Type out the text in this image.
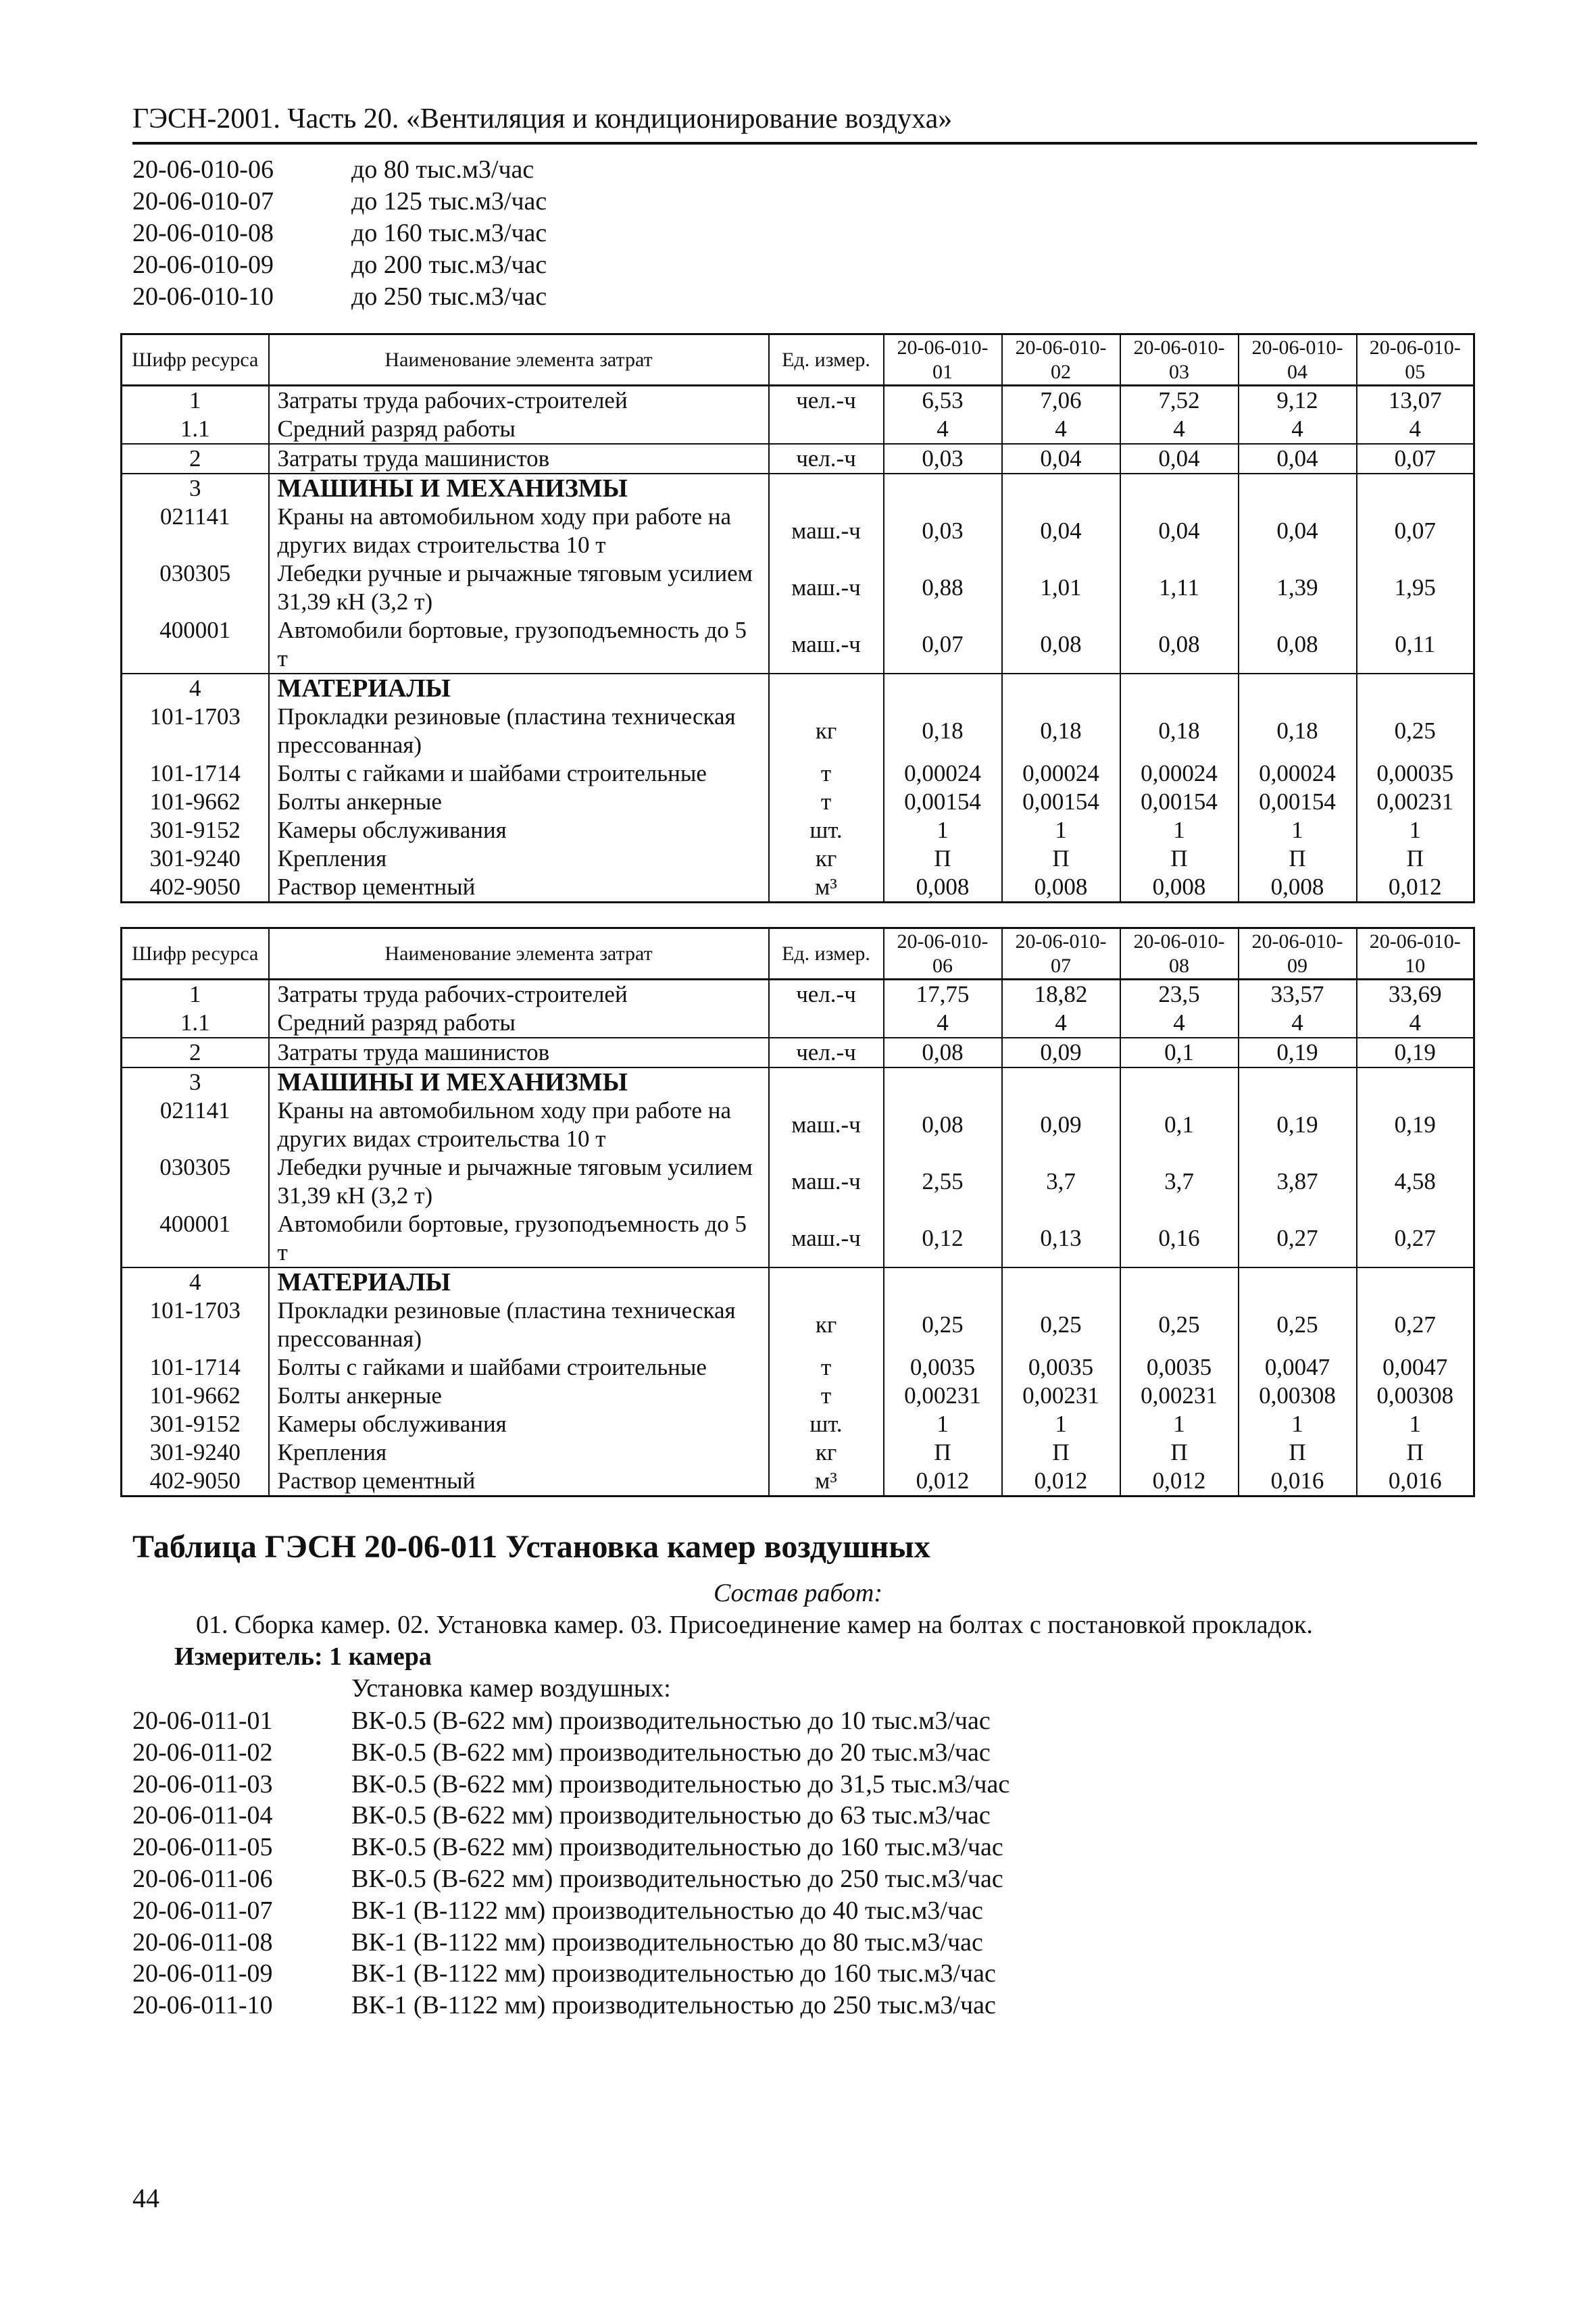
ГЭСН-2001. Часть 20. «Вентиляция и кондиционирование воздуха»
20-06-010-06	до 80 тыс.м3/час
20-06-010-07	до 125 тыс.м3/час
20-06-010-08	до 160 тыс.м3/час
20-06-010-09	до 200 тыс.м3/час
20-06-010-10	до 250 тыс.м3/час
Шифр ресурса	Наименование элемента затрат	Ед. измер.	20-06-010-01	20-06-010-02	20-06-010-03	20-06-010-04	20-06-010-05
1	Затраты труда рабочих-строителей	чел.-ч	6,53	7,06	7,52	9,12	13,07
1.1	Средний разряд работы		4	4	4	4	4
2	Затраты труда машинистов	чел.-ч	0,03	0,04	0,04	0,04	0,07
3	МАШИНЫ И МЕХАНИЗМЫ						
021141	Краны на автомобильном ходу при работе на других видах строительства 10 т	маш.-ч	0,03	0,04	0,04	0,04	0,07
030305	Лебедки ручные и рычажные тяговым усилием 31,39 кН (3,2 т)	маш.-ч	0,88	1,01	1,11	1,39	1,95
400001	Автомобили бортовые, грузоподъемность до 5 т	маш.-ч	0,07	0,08	0,08	0,08	0,11
4	МАТЕРИАЛЫ						
101-1703	Прокладки резиновые (пластина техническая прессованная)	кг	0,18	0,18	0,18	0,18	0,25
101-1714	Болты с гайками и шайбами строительные	т	0,00024	0,00024	0,00024	0,00024	0,00035
101-9662	Болты анкерные	т	0,00154	0,00154	0,00154	0,00154	0,00231
301-9152	Камеры обслуживания	шт.	1	1	1	1	1
301-9240	Крепления	кг	П	П	П	П	П
402-9050	Раствор цементный	м³	0,008	0,008	0,008	0,008	0,012
Шифр ресурса	Наименование элемента затрат	Ед. измер.	20-06-010-06	20-06-010-07	20-06-010-08	20-06-010-09	20-06-010-10
1	Затраты труда рабочих-строителей	чел.-ч	17,75	18,82	23,5	33,57	33,69
1.1	Средний разряд работы		4	4	4	4	4
2	Затраты труда машинистов	чел.-ч	0,08	0,09	0,1	0,19	0,19
3	МАШИНЫ И МЕХАНИЗМЫ						
021141	Краны на автомобильном ходу при работе на других видах строительства 10 т	маш.-ч	0,08	0,09	0,1	0,19	0,19
030305	Лебедки ручные и рычажные тяговым усилием 31,39 кН (3,2 т)	маш.-ч	2,55	3,7	3,7	3,87	4,58
400001	Автомобили бортовые, грузоподъемность до 5 т	маш.-ч	0,12	0,13	0,16	0,27	0,27
4	МАТЕРИАЛЫ						
101-1703	Прокладки резиновые (пластина техническая прессованная)	кг	0,25	0,25	0,25	0,25	0,27
101-1714	Болты с гайками и шайбами строительные	т	0,0035	0,0035	0,0035	0,0047	0,0047
101-9662	Болты анкерные	т	0,00231	0,00231	0,00231	0,00308	0,00308
301-9152	Камеры обслуживания	шт.	1	1	1	1	1
301-9240	Крепления	кг	П	П	П	П	П
402-9050	Раствор цементный	м³	0,012	0,012	0,012	0,016	0,016
Таблица ГЭСН 20-06-011 Установка камер воздушных
Состав работ:
01. Сборка камер. 02. Установка камер. 03. Присоединение камер на болтах с постановкой прокладок.
Измеритель: 1 камера
Установка камер воздушных:
20-06-011-01	ВК-0.5 (В-622 мм) производительностью до 10 тыс.м3/час
20-06-011-02	ВК-0.5 (В-622 мм) производительностью до 20 тыс.м3/час
20-06-011-03	ВК-0.5 (В-622 мм) производительностью до 31,5 тыс.м3/час
20-06-011-04	ВК-0.5 (В-622 мм) производительностью до 63 тыс.м3/час
20-06-011-05	ВК-0.5 (В-622 мм) производительностью до 160 тыс.м3/час
20-06-011-06	ВК-0.5 (В-622 мм) производительностью до 250 тыс.м3/час
20-06-011-07	ВК-1 (В-1122 мм) производительностью до 40 тыс.м3/час
20-06-011-08	ВК-1 (В-1122 мм) производительностью до 80 тыс.м3/час
20-06-011-09	ВК-1 (В-1122 мм) производительностью до 160 тыс.м3/час
20-06-011-10	ВК-1 (В-1122 мм) производительностью до 250 тыс.м3/час
44
